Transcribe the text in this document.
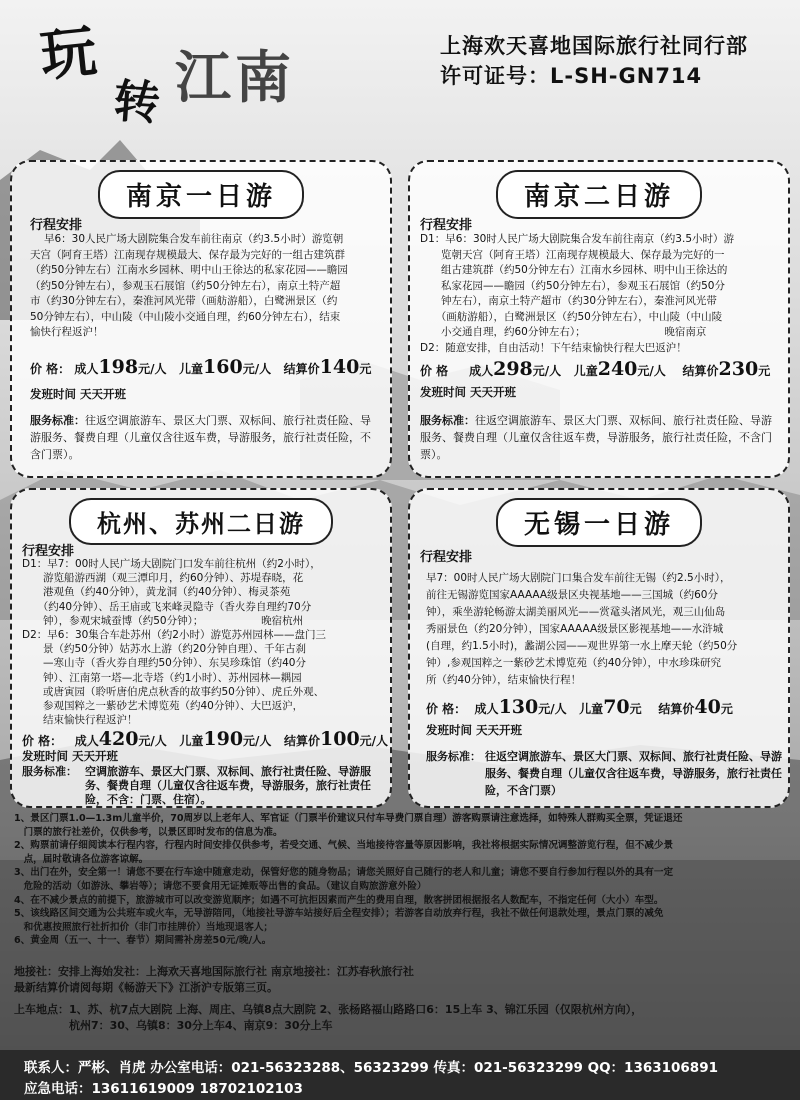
玩
转 江南	上海欢天喜地国际旅行社同行部
许可证号：L-SH-GN714
南京一日游
行程安排

早6：30人民广场大剧院集合发车前往南京（约3.5小时）游览朝

天宫（阿育王塔）江南现存规模最大、保存最为完好的一组古建筑群

（约50分钟左右）江南水乡园林、明中山王徐达的私家花园——瞻园

（约50分钟左右），参观玉石展馆（约50分钟左右），南京土特产超

市（约30分钟左右），秦淮河风光带（画舫游船），白鹭洲景区（约

50分钟左右），中山陵（中山陵小交通自理，约60分钟左右），结束

愉快行程返沪！

价 格： 成人198元/人 儿童160元/人 结算价140元
发班时间 天天开班
服务标准：往返空调旅游车、景区大门票、双标间、旅行社责任险、导游服务、餐费自理（儿童仅含往返车费，导游服务，旅行社责任险，不含门票）。
南京二日游
行程安排

D1：早6：30时人民广场大剧院集合发车前往南京（约3.5小时）游

　　览朝天宫（阿育王塔）江南现存规模最大、保存最为完好的一

　　组古建筑群（约50分钟左右）江南水乡园林、明中山王徐达的

　　私家花园——瞻园（约50分钟左右），参观玉石展馆（约50分

　　钟左右），南京土特产超市（约30分钟左右），秦淮河风光带

　　（画舫游船），白鹭洲景区（约50分钟左右），中山陵（中山陵

　　小交通自理，约60分钟左右）；　　　　　　　　晚宿南京

D2：随意安排，自由活动！下午结束愉快行程大巴返沪！

价 格 成人298元/人 儿童240元/人 结算价230元
发班时间 天天开班
服务标准：往返空调旅游车、景区大门票、双标间、旅行社责任险、导游服务、餐费自理（儿童仅含往返车费，导游服务，旅行社责任险，不含门票）。
杭州、苏州二日游
行程安排

D1：早7：00时人民广场大剧院门口发车前往杭州（约2小时），

　　游览船游西湖（观三潭印月，约60分钟）、苏堤春晓，花

　　港观鱼（约40分钟），黄龙洞（约40分钟）、梅灵茶苑

　　（约40分钟）、岳王庙或飞来峰灵隐寺（香火券自理约70分

　　钟），参观宋城蚕博（约50分钟）；　　　　　　晚宿杭州

D2：早6：30集合车赴苏州（约2小时）游览苏州园林——盘门三

　　景（约50分钟）姑苏水上游（约20分钟自理）、千年古刹

　　—寒山寺（香火券自理约50分钟）、东吴珍珠馆（约40分

　　钟）、江南第一塔—北寺塔（约1小时）、苏州园林—耦园

　　或唐寅园（聆听唐伯虎点秋香的故事约50分钟）、虎丘外观、

　　参观国粹之一紫砂艺术博览苑（约40分钟）、大巴返沪，

　　结束愉快行程返沪！

价 格： 成人420元/人 儿童190元/人 结算价100元/人
发班时间 天天开班
服务标准： 空调旅游车、景区大门票、双标间、旅行社责任险、导游服务、餐费自理（儿童仅含往返车费，导游服务，旅行社责任险，不含：门票、住宿）。
无锡一日游
行程安排

早7：00时人民广场大剧院门口集合发车前往无锡（约2.5小时），

前往无锡游览国家AAAAA级景区央视基地——三国城（约60分

钟），乘坐游轮畅游太湖美丽风光——赏鼋头渚风光，观三山仙岛

秀丽景色（约20分钟），国家AAAAA级景区影视基地——水浒城

(自理，约1.5小时)，蠡湖公园——观世界第一水上摩天轮（约50分

钟）,参观国粹之一紫砂艺术博览苑（约40分钟），中水珍珠研究

所（约40分钟），结束愉快行程！

价 格： 成人130元/人 儿童70元 结算价40元
发班时间 天天开班
服务标准： 往返空调旅游车、景区大门票、双标间、旅行社责任险、导游服务、餐费自理（儿童仅含往返车费，导游服务，旅行社责任险，不含门票）

1、景区门票1.0—1.3m儿童半价，70周岁以上老年人、军官证（门票半价建议只付车导费门票自理）游客购票请注意选择，如特殊人群购买全票，凭证退还

　门票的旅行社差价，仅供参考，以景区即时发布的信息为准。

2、购票前请仔细阅读本行程内容，行程内时间安排仅供参考，若受交通、气候、当地接待容量等原因影响，我社将根据实际情况调整游览行程，但不减少景

　点，届时敬请各位游客谅解。

3、出门在外，安全第一！请您不要在行车途中随意走动，保管好您的随身物品；请您关照好自己随行的老人和儿童；请您不要自行参加行程以外的具有一定

　危险的活动（如游泳、攀岩等）；请您不要食用无证摊贩等出售的食品。（建议自购旅游意外险）

4、在不减少景点的前提下，旅游城市可以改变游览顺序；如遇不可抗拒因素而产生的费用自理，散客拼团根据报名人数配车，不指定任何（大小）车型。

5、该线路区间交通为公共班车或火车，无导游陪同，（地接社导游车站接好后全程安排）；若游客自动放弃行程，我社不做任何退款处理，景点门票的减免

　和优惠按照旅行社折扣价（非门市挂牌价）当地现退客人；

6、黄金周（五一、十一、春节）期间需补房差50元/晚/人。

地接社：安排上海始发社：上海欢天喜地国际旅行社 南京地接社：江苏春秋旅行社

最新结算价请阅每期《畅游天下》江浙沪专版第三页。

上车地点：1、苏、杭7点大剧院 上海、周庄、乌镇8点大剧院 2、张杨路福山路路口6：15上车 3、锦江乐园（仅限杭州方向），

　　　　　杭州7：30、乌镇8：30分上车4、南京9：30分上车

联系人：严彬、肖虎 办公室电话：021-56323288、56323299 传真：021-56323299 QQ：1363106891
应急电话：13611619009 18702102103
